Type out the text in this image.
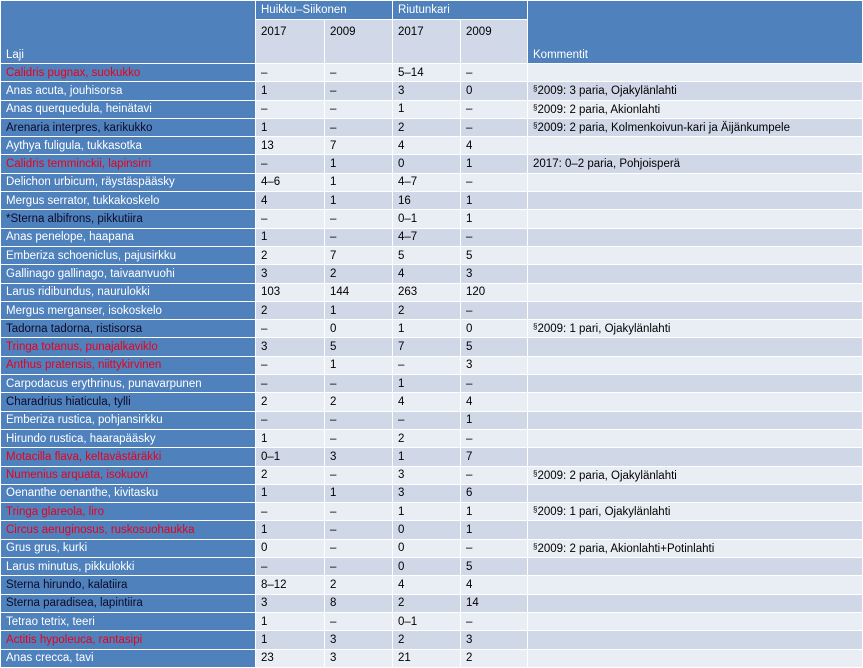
Laji	Huikku–Siikonen		Riutunkari		Kommentit
	2017	2009	2017	2009	
Calidris pugnax, suokukko	–	–	5–14	–	
Anas acuta, jouhisorsa	1	–	3	0	§2009: 3 paria, Ojakylänlahti
Anas querquedula, heinätavi	–	–	1	–	§2009: 2 paria, Akionlahti
Arenaria interpres, karikukko	1	–	2	–	§2009: 2 paria, Kolmenkoivun-kari ja Äijänkumpele
Aythya fuligula, tukkasotka	13	7	4	4	
Calidris temminckii, lapinsirri	–	1	0	1	2017: 0–2 paria, Pohjoisperä
Delichon urbicum, räystäspääsky	4–6	1	4–7	–	
Mergus serrator, tukkakoskelo	4	1	16	1	
*Sterna albifrons, pikkutiira	–	–	0–1	1	
Anas penelope, haapana	1	–	4–7	–	
Emberiza schoeniclus, pajusirkku	2	7	5	5	
Gallinago gallinago, taivaanvuohi	3	2	4	3	
Larus ridibundus, naurulokki	103	144	263	120	
Mergus merganser, isokoskelo	2	1	2	–	
Tadorna tadorna, ristisorsa	–	0	1	0	§2009: 1 pari, Ojakylänlahti
Tringa totanus, punajalkaviklo	3	5	7	5	
Anthus pratensis, niittykirvinen	–	1	–	3	
Carpodacus erythrinus, punavarpunen	–	–	1	–	
Charadrius hiaticula, tylli	2	2	4	4	
Emberiza rustica, pohjansirkku	–	–	–	1	
Hirundo rustica, haarapääsky	1	–	2	–	
Motacilla flava, keltavästäräkki	0–1	3	1	7	
Numenius arquata, isokuovi	2	–	3	–	§2009: 2 paria, Ojakylänlahti
Oenanthe oenanthe, kivitasku	1	1	3	6	
Tringa glareola, liro	–	–	1	1	§2009: 1 pari, Ojakylänlahti
Circus aeruginosus, ruskosuohaukka	1	–	0	1	
Grus grus, kurki	0	–	0	–	§2009: 2 paria, Akionlahti+Potinlahti
Larus minutus, pikkulokki	–	–	0	5	
Sterna hirundo, kalatiira	8–12	2	4	4	
Sterna paradisea, lapintiira	3	8	2	14	
Tetrao tetrix, teeri	1	–	0–1	–	
Actitis hypoleuca, rantasipi	1	3	2	3	
Anas crecca, tavi	23	3	21	2	
